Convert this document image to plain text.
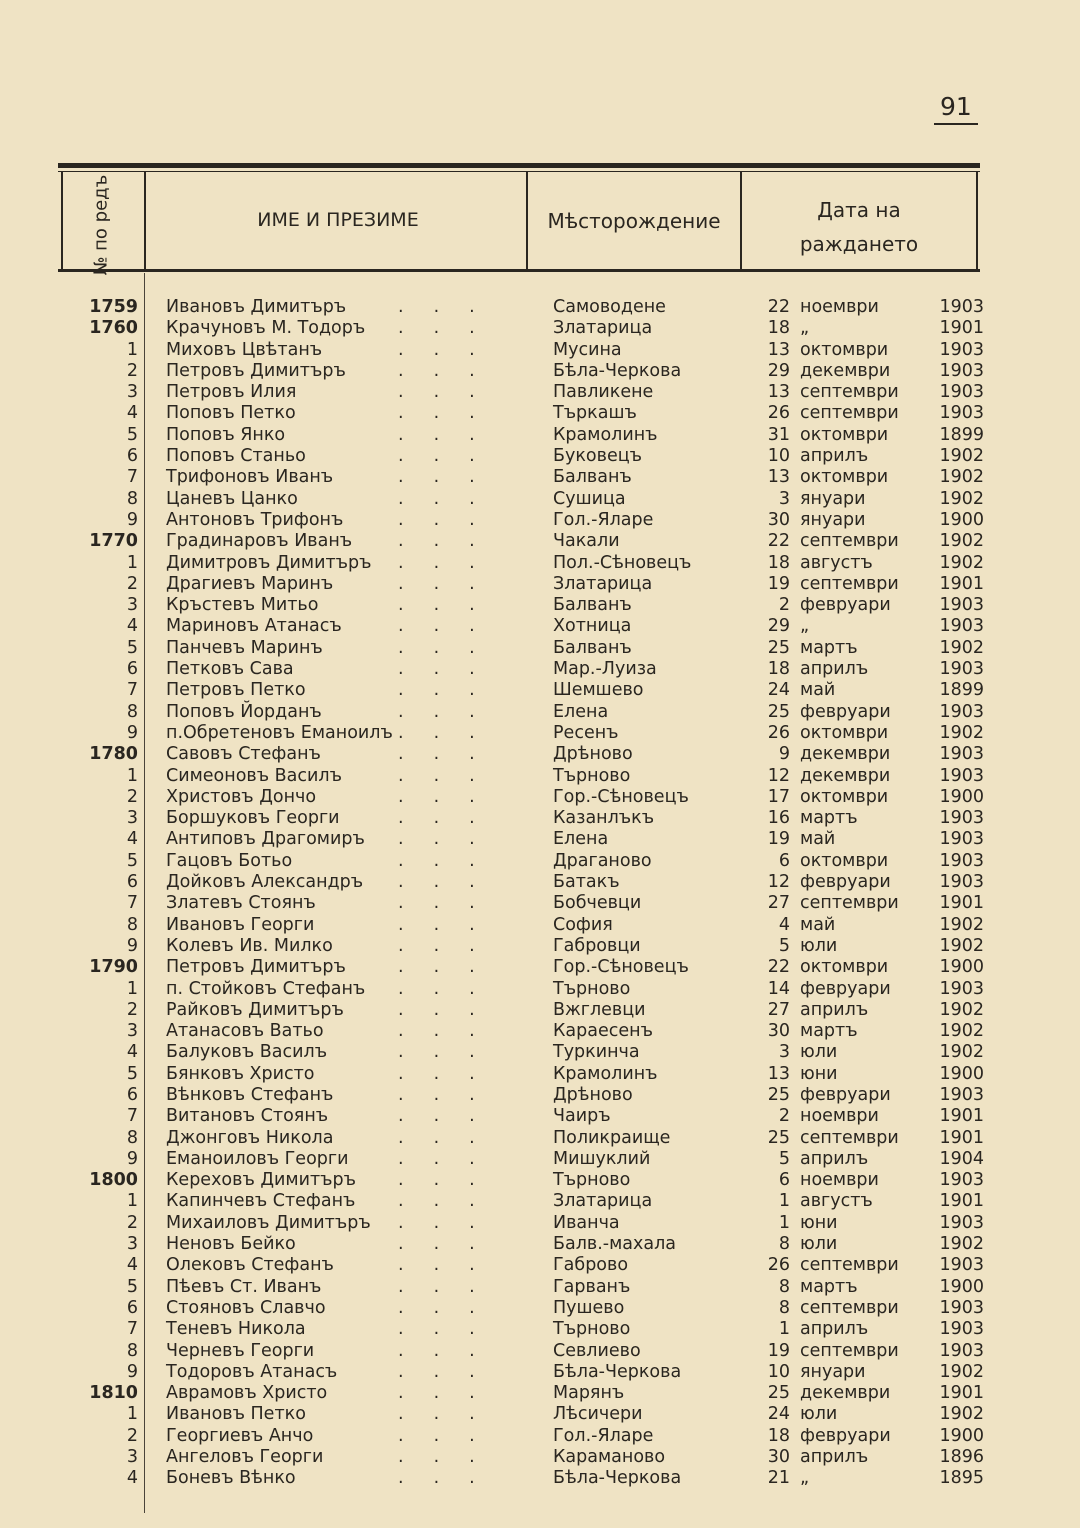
91
№ по редъ	ИМЕ И ПРЕЗИМЕ	Мѣсторождение	Дата на
раждането
1759 Ивановъ Димитъръ	Самоводене	22 ноември	1903
...
1760 Крачуновъ М. Тодоръ	Златарица	18 „	1901
...
1 Миховъ Цвѣтанъ	Мусина	13 октомври	1903
...
2 Петровъ Димитъръ	Бѣла-Черкова	29 декември	1903
...
3 Петровъ Илия	Павликене	13 септември	1903
...
4 Поповъ Петко	Търкашъ	26 септември	1903
...
5 Поповъ Янко	Крамолинъ	31 октомври	1899
...
6 Поповъ Станьо	Буковецъ	10 априлъ	1902
...
7 Трифоновъ Иванъ	Балванъ	13 октомври	1902
...
8 Цаневъ Цанко	Сушица	3 януари	1902
...
9 Антоновъ Трифонъ	Гол.-Яларе	30 януари	1900
...
1770 Градинаровъ Иванъ	Чакали	22 септември	1902
...
1 Димитровъ Димитъръ	Пол.-Сѣновецъ	18 августъ	1902
...
2 Драгиевъ Маринъ	Златарица	19 септември	1901
...
3 Кръстевъ Митьо	Балванъ	2 февруари	1903
...
4 Мариновъ Атанасъ	Хотница	29 „	1903
...
5 Панчевъ Маринъ	Балванъ	25 мартъ	1902
...
6 Петковъ Сава	Мар.-Луиза	18 априлъ	1903
...
7 Петровъ Петко	Шемшево	24 май	1899
...
8 Поповъ Йорданъ	Елена	25 февруари	1903
...
9 п.Обретеновъ Еманоилъ	Ресенъ	26 октомври	1902
...
1780 Савовъ Стефанъ	Дрѣново	9 декември	1903
...
1 Симеоновъ Василъ	Търново	12 декември	1903
...
2 Христовъ Дончо	Гор.-Сѣновецъ	17 октомври	1900
...
3 Боршуковъ Георги	Казанлъкъ	16 мартъ	1903
...
4 Антиповъ Драгомиръ	Елена	19 май	1903
...
5 Гацовъ Ботьо	Драганово	6 октомври	1903
...
6 Дойковъ Александръ	Батакъ	12 февруари	1903
...
7 Златевъ Стоянъ	Бобчевци	27 септември	1901
...
8 Ивановъ Георги	София	4 май	1902
...
9 Колевъ Ив. Милко	Габровци	5 юли	1902
...
1790 Петровъ Димитъръ	Гор.-Сѣновецъ	22 октомври	1900
...
1 п. Стойковъ Стефанъ	Търново	14 февруари	1903
...
2 Райковъ Димитъръ	Вжглевци	27 априлъ	1902
...
3 Атанасовъ Ватьо	Караесенъ	30 мартъ	1902
...
4 Балуковъ Василъ	Туркинча	3 юли	1902
...
5 Бянковъ Христо	Крамолинъ	13 юни	1900
...
6 Вѣнковъ Стефанъ	Дрѣново	25 февруари	1903
...
7 Витановъ Стоянъ	Чаиръ	2 ноември	1901
...
8 Джонговъ Никола	Поликраище	25 септември	1901
...
9 Еманоиловъ Георги	Мишуклий	5 априлъ	1904
...
1800 Кереховъ Димитъръ	Търново	6 ноември	1903
...
1 Капинчевъ Стефанъ	Златарица	1 августъ	1901
...
2 Михаиловъ Димитъръ	Иванча	1 юни	1903
...
3 Неновъ Бейко	Балв.-махала	8 юли	1902
...
4 Олековъ Стефанъ	Габрово	26 септември	1903
...
5 Пѣевъ Ст. Иванъ	Гарванъ	8 мартъ	1900
...
6 Стояновъ Славчо	Пушево	8 септември	1903
...
7 Теневъ Никола	Търново	1 априлъ	1903
...
8 Черневъ Георги	Севлиево	19 септември	1903
...
9 Тодоровъ Атанасъ	Бѣла-Черкова	10 януари	1902
...
1810 Аврамовъ Христо	Марянъ	25 декември	1901
...
1 Ивановъ Петко	Лѣсичери	24 юли	1902
...
2 Георгиевъ Анчо	Гол.-Яларе	18 февруари	1900
...
3 Ангеловъ Георги	Караманово	30 априлъ	1896
...
4 Боневъ Вѣнко	Бѣла-Черкова	21 „	1895
...
